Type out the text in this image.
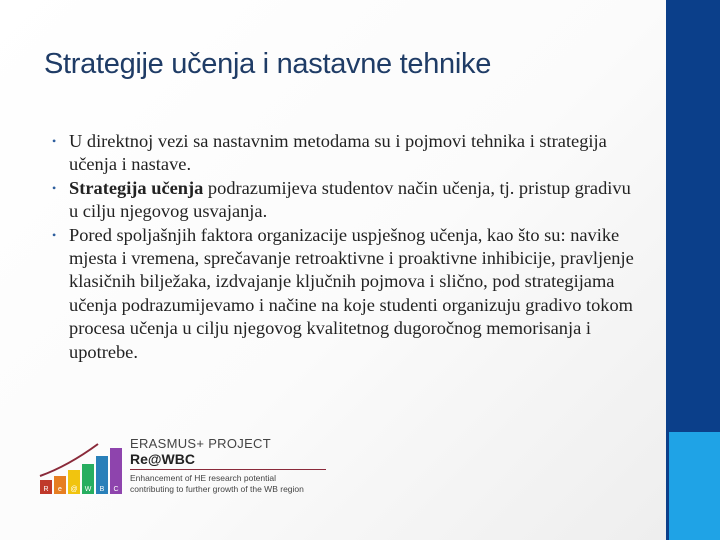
Strategije učenja i nastavne tehnike
• U direktnoj vezi sa nastavnim metodama su i pojmovi tehnika i strategija učenja i nastave.
• Strategija učenja podrazumijeva studentov način učenja, tj. pristup gradivu u cilju njegovog usvajanja.
• Pored spoljašnjih faktora organizacije uspješnog učenja, kao što su: navike mjesta i vremena, sprečavanje retroaktivne i proaktivne inhibicije, pravljenje klasičnih bilježaka, izdvajanje ključnih pojmova i slično, pod strategijama učenja podrazumijevamo i načine na koje studenti organizuju gradivo tokom procesa učenja u cilju njegovog kvalitetnog dugoročnog memorisanja i upotrebe.
R e @ W B C
ERASMUS+ PROJECT
Re@WBC
Enhancement of HE research potential
contributing to further growth of the WB region
